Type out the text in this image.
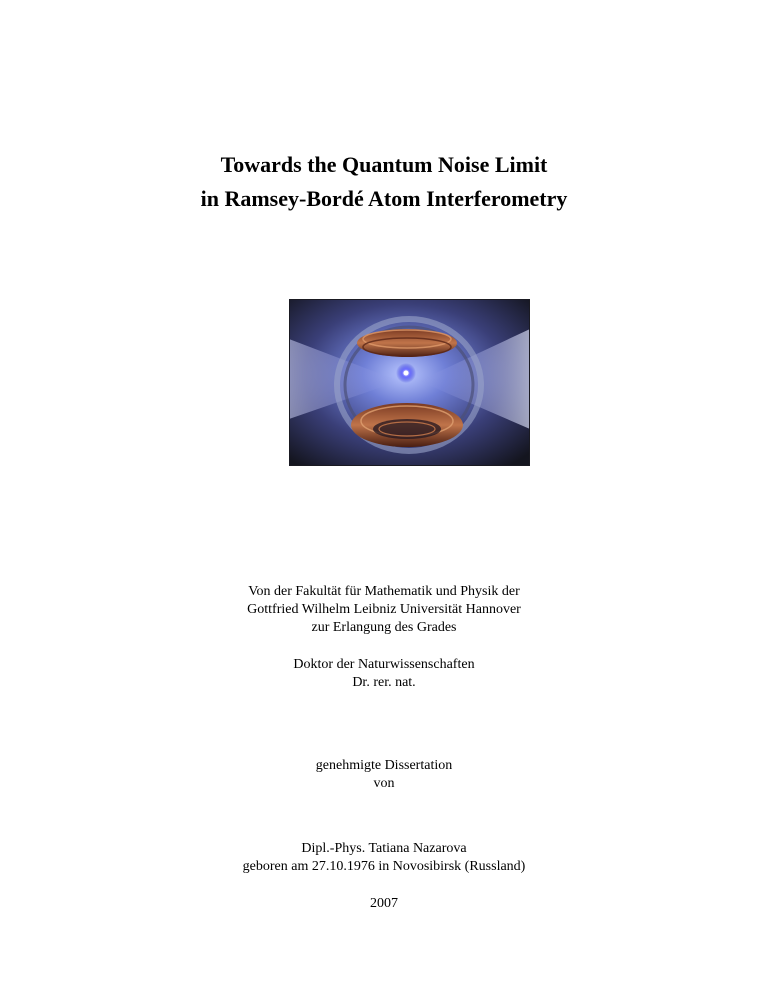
Towards the Quantum Noise Limit
in Ramsey-Bordé Atom Interferometry
Von der Fakultät für Mathematik und Physik der
Gottfried Wilhelm Leibniz Universität Hannover
zur Erlangung des Grades
Doktor der Naturwissenschaften
Dr. rer. nat.
genehmigte Dissertation
von
Dipl.-Phys. Tatiana Nazarova
geboren am 27.10.1976 in Novosibirsk (Russland)
2007
